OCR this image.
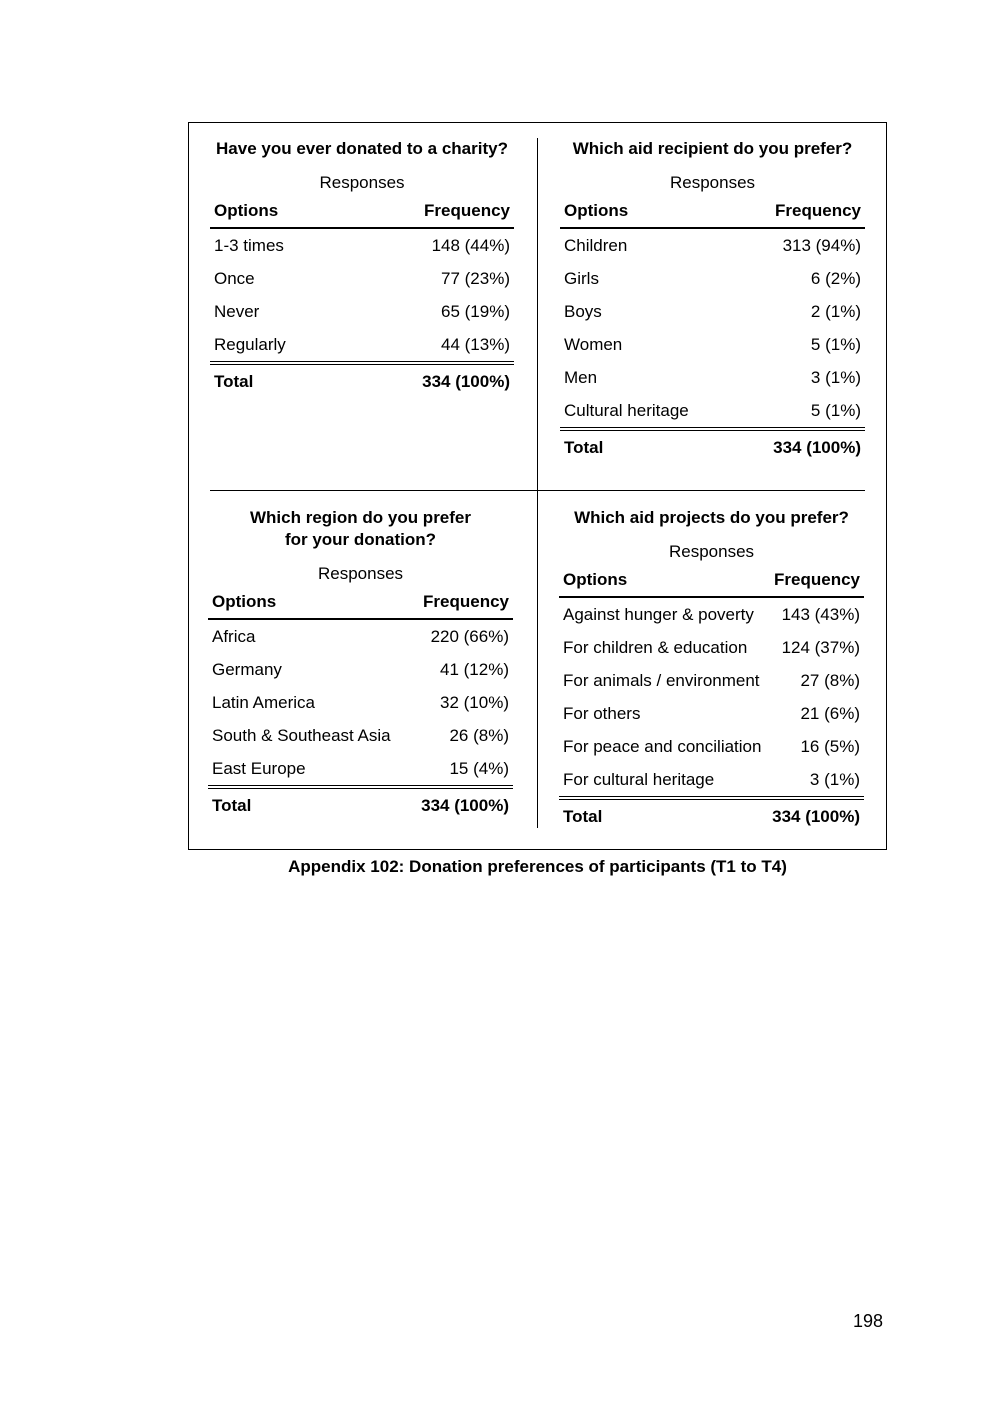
Have you ever donated to a charity?
Responses
Options	Frequency
1-3 times	148 (44%)
Once	77 (23%)
Never	65 (19%)
Regularly	44 (13%)
Total	334 (100%)
Which aid recipient do you prefer?
Responses
Options	Frequency
Children	313 (94%)
Girls	6 (2%)
Boys	2 (1%)
Women	5 (1%)
Men	3 (1%)
Cultural heritage	5 (1%)
Total	334 (100%)
Which region do you prefer
for your donation?
Responses
Options	Frequency
Africa	220 (66%)
Germany	41 (12%)
Latin America	32 (10%)
South & Southeast Asia	26 (8%)
East Europe	15 (4%)
Total	334 (100%)
Which aid projects do you prefer?
Responses
Options	Frequency
Against hunger & poverty	143 (43%)
For children & education	124 (37%)
For animals / environment	27 (8%)
For others	21 (6%)
For peace and conciliation	16 (5%)
For cultural heritage	3 (1%)
Total	334 (100%)
Appendix 102: Donation preferences of participants (T1 to T4)
198
